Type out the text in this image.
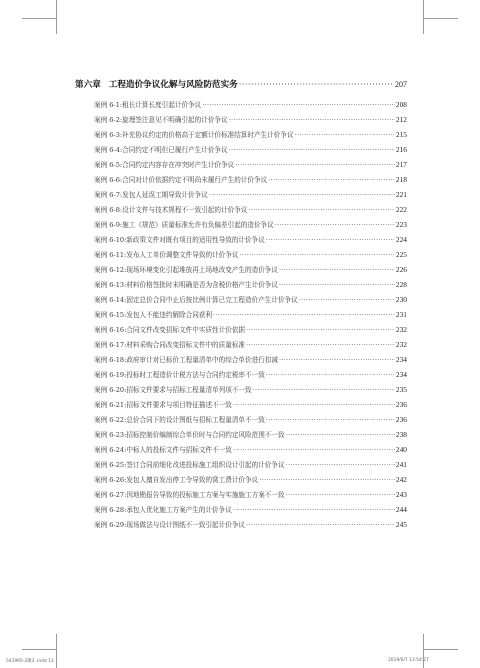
第六章 工程造价争议化解与风险防范实务 ·····	207
案例 6-1: 租长计算长度引起计价争议 ·····	208
案例 6-2: 旋理签注意见不明确引起的计价争议 ·····	212
案例 6-3: 补充协议约定的价格高于定额计价标准结算时产生计价争议 ·····	215
案例 6-4: 合同约定不明但已履行产生计价争议 ·····	216
案例 6-5: 合同约定内容存在冲突时产生计价争议 ·····	217
案例 6-6: 合同对计价依据约定不明尚未履行产生的计价争议 ·····	218
案例 6-7: 发包人延误工期导致计价争议 ·····	221
案例 6-8: 设计文件与技术规程不一致引起的计价争议 ·····	222
案例 6-9: 施工《规范》质量标准允许有负偏差引起的造价争议 ·····	223
案例 6-10: 新政策文件对既有项目的适用性导致的计价争议 ·····	224
案例 6-11: 发布人工单价调整文件导致的计价争议 ·····	225
案例 6-12: 现场环境变化引起堆放再上场地改变产生的造价争议 ·····	226
案例 6-13: 材料价格签批时未明确是否为含税价格产生计价争议 ·····	228
案例 6-14: 固定总价合同中止后按比例计算已完工程造价产生计价争议 ·····	230
案例 6-15: 发包人不能违约解除合同获利 ·····	231
案例 6-16: 合同文件改变招标文件中实质性计价依据 ·····	232
案例 6-17: 材料采购合同改变招标文件中的质量标准 ·····	232
案例 6-18: 政府审计对已标价工程量清单中的综合单价进行扣减 ·····	234
案例 6-19: 投标时工程造价计税方法与合同约定税率不一致 ·····	234
案例 6-20: 招标文件要求与招标工程量清单列项不一致 ·····	235
案例 6-21: 招标文件要求与项目特征描述不一致 ·····	236
案例 6-22: 总价合同下的设计图纸与招标工程量清单不一致 ·····	236
案例 6-23: 招标控制价编制综合单价时与合同约定风险范围不一致 ·····	238
案例 6-24: 中标人的投标文件与招标文件不一致 ·····	240
案例 6-25: 签订合同前细化改进投标施工组织设计引起的计价争议 ·····	241
案例 6-26: 发包人擅自发出停工令导致的窝工费计价争议 ·····	242
案例 6-27: 因地勘报告导致的投标施工方案与实施施工方案不一致 ·····	243
案例 6-28: 承包人优化施工方案产生的计价争议 ·····	244
案例 6-29: 现场做法与设计图纸不一致引起计价争议 ·····	245
541995-2聚3 .indd 13	2019/6/7 13:54:27
